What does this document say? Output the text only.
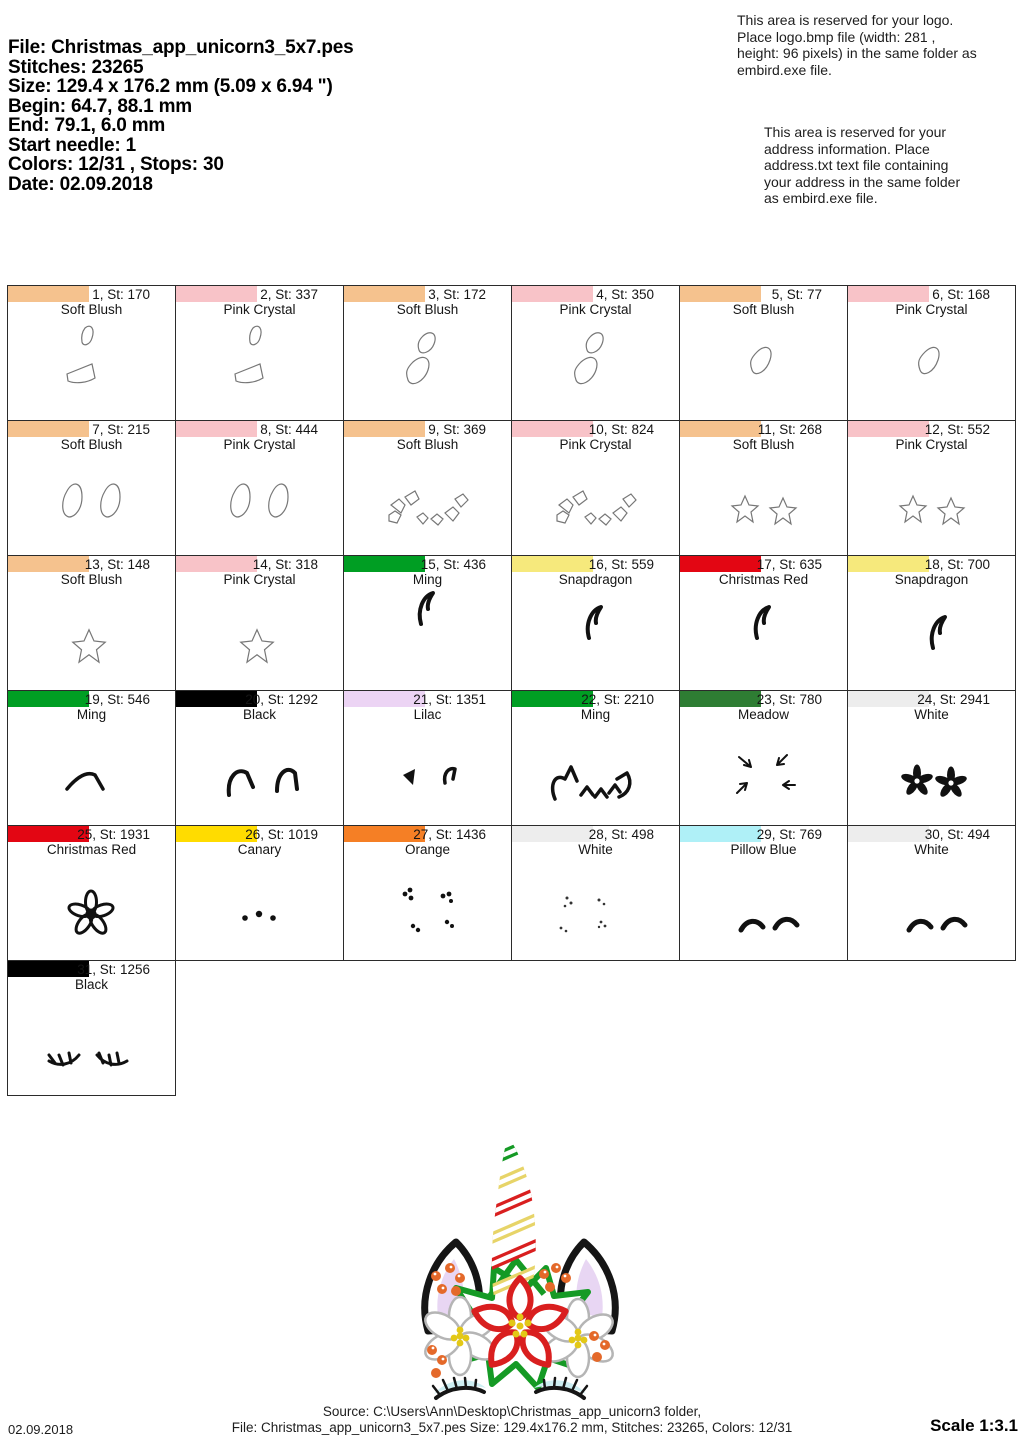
File: Christmas_app_unicorn3_5x7.pes
Stitches: 23265
Size: 129.4 x 176.2 mm (5.09 x 6.94 ")
Begin: 64.7, 88.1 mm
End: 79.1, 6.0 mm
Start needle: 1
Colors: 12/31 , Stops: 30
Date: 02.09.2018
This area is reserved for your logo. Place logo.bmp file (width: 281 , height: 96 pixels) in the same folder as embird.exe file.
This area is reserved for your address information. Place address.txt text file containing your address in the same folder as embird.exe file.
1, St: 170
Soft Blush
2, St: 337
Pink Crystal
3, St: 172
Soft Blush
4, St: 350
Pink Crystal
5, St: 77
Soft Blush
6, St: 168
Pink Crystal
7, St: 215
Soft Blush
8, St: 444
Pink Crystal
9, St: 369
Soft Blush
10, St: 824
Pink Crystal
11, St: 268
Soft Blush
12, St: 552
Pink Crystal
13, St: 148
Soft Blush
14, St: 318
Pink Crystal
15, St: 436
Ming
16, St: 559
Snapdragon
17, St: 635
Christmas Red
18, St: 700
Snapdragon
19, St: 546
Ming
20, St: 1292
Black
21, St: 1351
Lilac
22, St: 2210
Ming
23, St: 780
Meadow
24, St: 2941
White
25, St: 1931
Christmas Red
26, St: 1019
Canary
27, St: 1436
Orange
28, St: 498
White
29, St: 769
Pillow Blue
30, St: 494
White
31, St: 1256
Black
02.09.2018
Source: C:\Users\Ann\Desktop\Christmas_app_unicorn3 folder,
File: Christmas_app_unicorn3_5x7.pes Size: 129.4x176.2 mm, Stitches: 23265, Colors: 12/31	Scale 1:3.1
